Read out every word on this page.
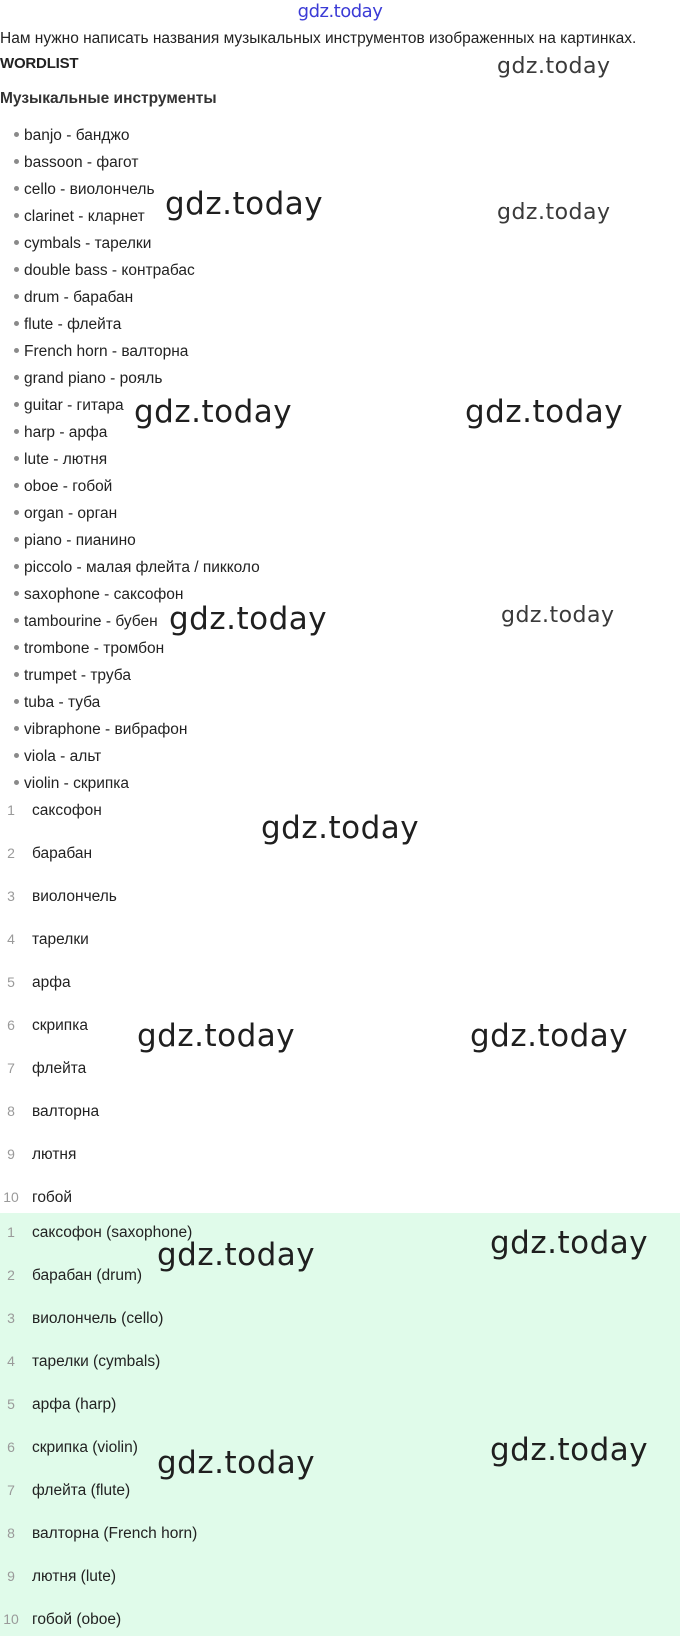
gdz.today
Нам нужно написать названия музыкальных инструментов изображенных на картинках.
WORDLIST
Музыкальные инструменты
banjo - банджо
bassoon - фагот
cello - виолончель
clarinet - кларнет
cymbals - тарелки
double bass - контрабас
drum - барабан
flute - флейта
French horn - валторна
grand piano - рояль
guitar - гитара
harp - арфа
lute - лютня
oboe - гобой
organ - орган
piano - пианино
piccolo - малая флейта / пикколо
saxophone - саксофон
tambourine - бубен
trombone - тромбон
trumpet - труба
tuba - туба
vibraphone - вибрафон
viola - альт
violin - скрипка
1 саксофон
2 барабан
3 виолончель
4 тарелки
5 арфа
6 скрипка
7 флейта
8 валторна
9 лютня
10 гобой
1 саксофон (saxophone)
2 барабан (drum)
3 виолончель (cello)
4 тарелки (cymbals)
5 арфа (harp)
6 скрипка (violin)
7 флейта (flute)
8 валторна (French horn)
9 лютня (lute)
10 гобой (oboe)
gdz.today
gdz.today	gdz.today
gdz.today	gdz.today
gdz.today	gdz.today
gdz.today
gdz.today	gdz.today
gdz.today
gdz.today
gdz.today
gdz.today
